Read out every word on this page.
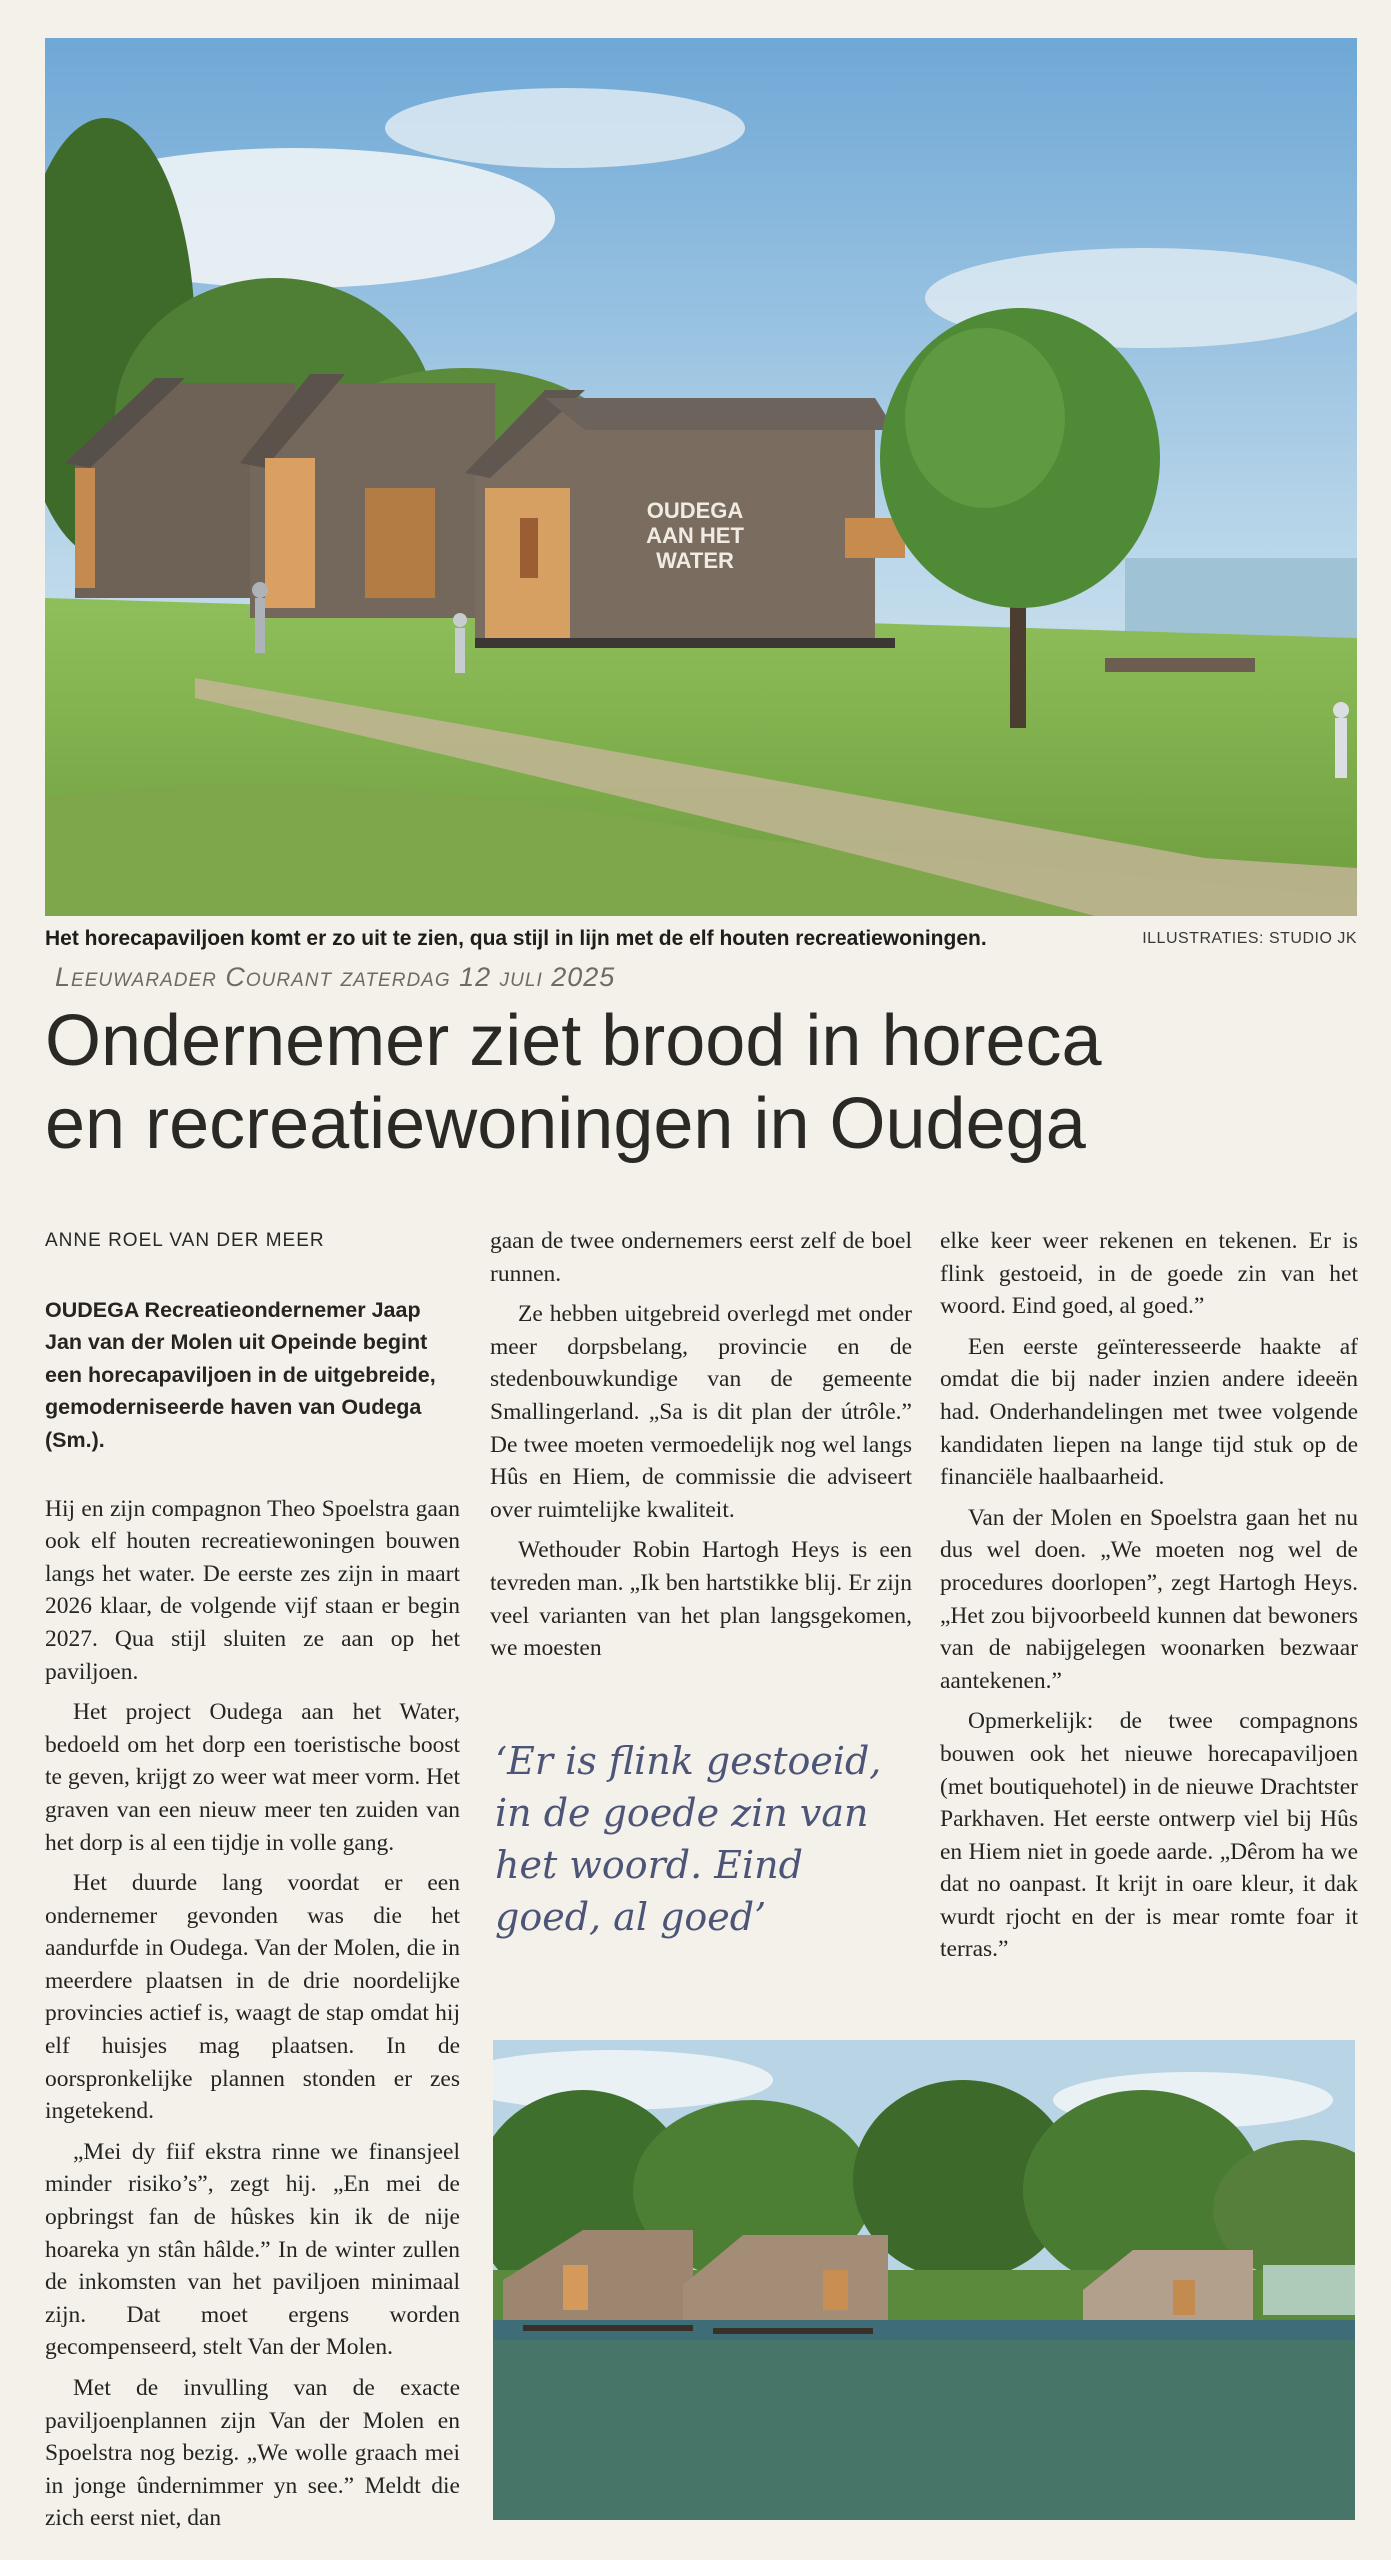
OUDEGA
AAN HET
WATER
Het horecapaviljoen komt er zo uit te zien, qua stijl in lijn met de elf houten recreatiewoningen.	ILLUSTRATIES: STUDIO JK
Leeuwarader Courant zaterdag 12 juli 2025
Ondernemer ziet brood in horeca
en recreatiewoningen in Oudega
ANNE ROEL VAN DER MEER

OUDEGA Recreatieondernemer Jaap Jan van der Molen uit Opeinde begint een horecapaviljoen in de uitgebreide, gemoderniseerde haven van Oudega (Sm.).

Hij en zijn compagnon Theo Spoelstra gaan ook elf houten recreatiewoningen bouwen langs het water. De eerste zes zijn in maart 2026 klaar, de volgende vijf staan er begin 2027. Qua stijl sluiten ze aan op het paviljoen.

Het project Oudega aan het Water, bedoeld om het dorp een toeristische boost te geven, krijgt zo weer wat meer vorm. Het graven van een nieuw meer ten zuiden van het dorp is al een tijdje in volle gang.

Het duurde lang voordat er een ondernemer gevonden was die het aandurfde in Oudega. Van der Molen, die in meerdere plaatsen in de drie noordelijke provincies actief is, waagt de stap omdat hij elf huisjes mag plaatsen. In de oorspronkelijke plannen stonden er zes ingetekend.

„Mei dy fiif ekstra rinne we finansjeel minder risiko’s”, zegt hij. „En mei de opbringst fan de hûskes kin ik de nije hoareka yn stân hâlde.” In de winter zullen de inkomsten van het paviljoen minimaal zijn. Dat moet ergens worden gecompenseerd, stelt Van der Molen.

Met de invulling van de exacte paviljoenplannen zijn Van der Molen en Spoelstra nog bezig. „We wolle graach mei in jonge ûndernimmer yn see.” Meldt die zich eerst niet, dan

gaan de twee ondernemers eerst zelf de boel runnen.

Ze hebben uitgebreid overlegd met onder meer dorpsbelang, provincie en de stedenbouwkundige van de gemeente Smallingerland. „Sa is dit plan der útrôle.” De twee moeten vermoedelijk nog wel langs Hûs en Hiem, de commissie die adviseert over ruimtelijke kwaliteit.

Wethouder Robin Hartogh Heys is een tevreden man. „Ik ben hartstikke blij. Er zijn veel varianten van het plan langsgekomen, we moesten

‘Er is flink gestoeid, in de goede zin van het woord. Eind goed, al goed’

elke keer weer rekenen en tekenen. Er is flink gestoeid, in de goede zin van het woord. Eind goed, al goed.”

Een eerste geïnteresseerde haakte af omdat die bij nader inzien andere ideeën had. Onderhandelingen met twee volgende kandidaten liepen na lange tijd stuk op de financiële haalbaarheid.

Van der Molen en Spoelstra gaan het nu dus wel doen. „We moeten nog wel de procedures doorlopen”, zegt Hartogh Heys. „Het zou bijvoorbeeld kunnen dat bewoners van de nabijgelegen woonarken bezwaar aantekenen.”

Opmerkelijk: de twee compagnons bouwen ook het nieuwe horecapaviljoen (met boutiquehotel) in de nieuwe Drachtster Parkhaven. Het eerste ontwerp viel bij Hûs en Hiem niet in goede aarde. „Dêrom ha we dat no oanpast. It krijt in oare kleur, it dak wurdt rjocht en der is mear romte foar it terras.”
